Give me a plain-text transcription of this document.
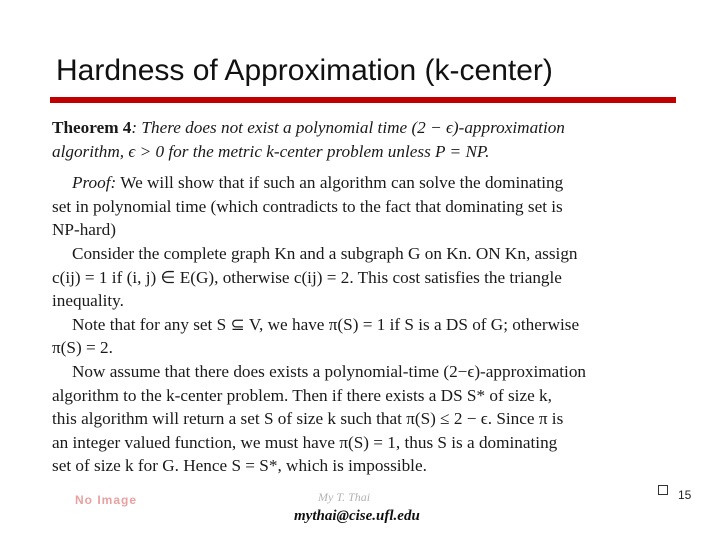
Hardness of Approximation (k-center)
Theorem 4: There does not exist a polynomial time (2 − ϵ)-approximation
algorithm, ϵ > 0 for the metric k-center problem unless P = NP.
Proof: We will show that if such an algorithm can solve the dominating
set in polynomial time (which contradicts to the fact that dominating set is
NP-hard)
Consider the complete graph Kn and a subgraph G on Kn. ON Kn, assign
c(ij) = 1 if (i, j) ∈ E(G), otherwise c(ij) = 2. This cost satisfies the triangle
inequality.
Note that for any set S ⊆ V, we have π(S) = 1 if S is a DS of G; otherwise
π(S) = 2.
Now assume that there does exists a polynomial-time (2−ϵ)-approximation
algorithm to the k-center problem. Then if there exists a DS S* of size k,
this algorithm will return a set S of size k such that π(S) ≤ 2 − ϵ. Since π is
an integer valued function, we must have π(S) = 1, thus S is a dominating
set of size k for G. Hence S = S*, which is impossible.
No Image	My T. Thai
mythai@cise.ufl.edu
15
